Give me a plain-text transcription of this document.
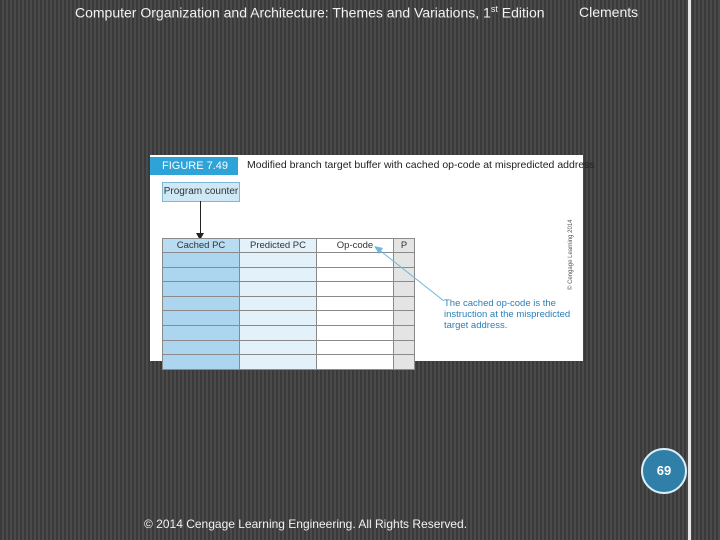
Computer Organization and Architecture: Themes and Variations, 1st Edition Clements
FIGURE 7.49	Modified branch target buffer with cached op-code at mispredicted address
Program counter
Cached PC	Predicted PC	Op-code	P

The cached op-code is the
instruction at the mispredicted
target address.
© Cengage Learning 2014
69
© 2014 Cengage Learning Engineering. All Rights Reserved.
